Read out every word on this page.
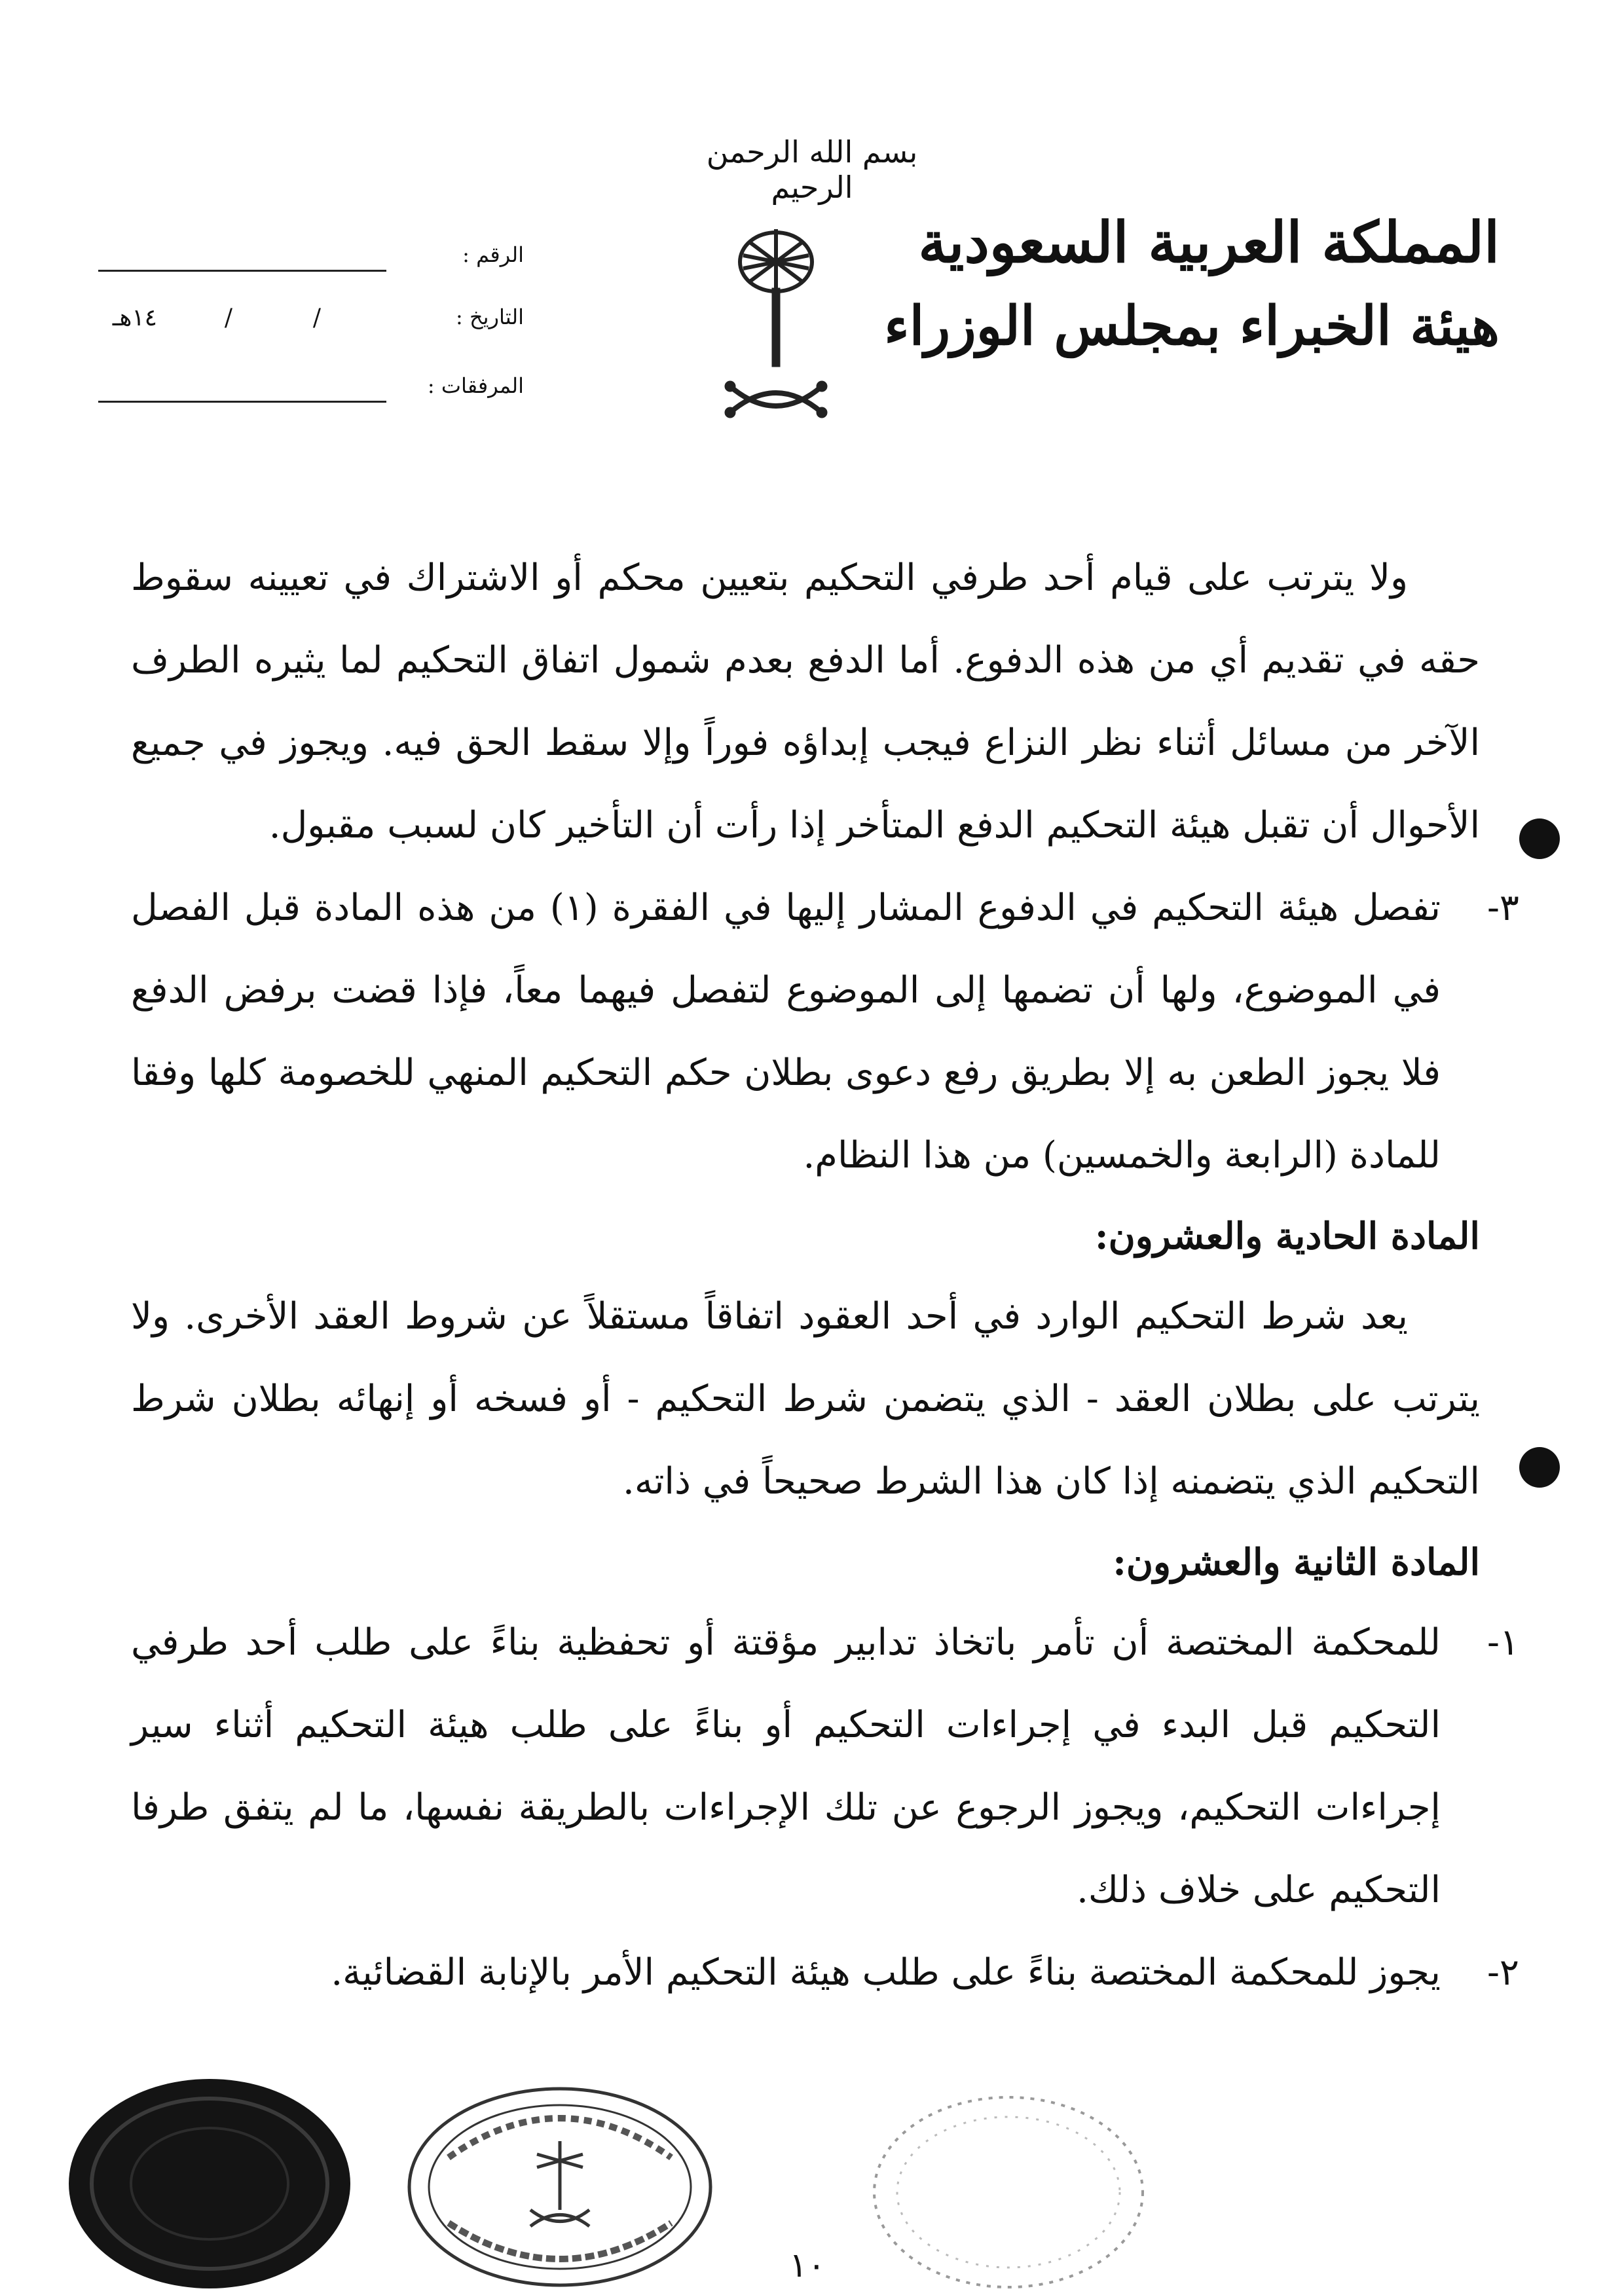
بسم الله الرحمن الرحيم
المملكة العربية السعودية
هيئة الخبراء بمجلس الوزراء
الرقم :
التاريخ :
/
/
١٤هـ
المرفقات :

ولا يترتب على قيام أحد طرفي التحكيم بتعيين محكم أو الاشتراك في تعيينه سقوط حقه في تقديم أي من هذه الدفوع. أما الدفع بعدم شمول اتفاق التحكيم لما يثيره الطرف الآخر من مسائل أثناء نظر النزاع فيجب إبداؤه فوراً وإلا سقط الحق فيه. ويجوز في جميع الأحوال أن تقبل هيئة التحكيم الدفع المتأخر إذا رأت أن التأخير كان لسبب مقبول.

٣-
تفصل هيئة التحكيم في الدفوع المشار إليها في الفقرة (١) من هذه المادة قبل الفصل في الموضوع، ولها أن تضمها إلى الموضوع لتفصل فيهما معاً، فإذا قضت برفض الدفع فلا يجوز الطعن به إلا بطريق رفع دعوى بطلان حكم التحكيم المنهي للخصومة كلها وفقا للمادة (الرابعة والخمسين) من هذا النظام.
المادة الحادية والعشرون:

يعد شرط التحكيم الوارد في أحد العقود اتفاقاً مستقلاً عن شروط العقد الأخرى. ولا يترتب على بطلان العقد - الذي يتضمن شرط التحكيم - أو فسخه أو إنهائه بطلان شرط التحكيم الذي يتضمنه إذا كان هذا الشرط صحيحاً في ذاته.

المادة الثانية والعشرون:
١-
للمحكمة المختصة أن تأمر باتخاذ تدابير مؤقتة أو تحفظية بناءً على طلب أحد طرفي التحكيم قبل البدء في إجراءات التحكيم أو بناءً على طلب هيئة التحكيم أثناء سير إجراءات التحكيم، ويجوز الرجوع عن تلك الإجراءات بالطريقة نفسها، ما لم يتفق طرفا التحكيم على خلاف ذلك.
٢-
يجوز للمحكمة المختصة بناءً على طلب هيئة التحكيم الأمر بالإنابة القضائية.
١٠
